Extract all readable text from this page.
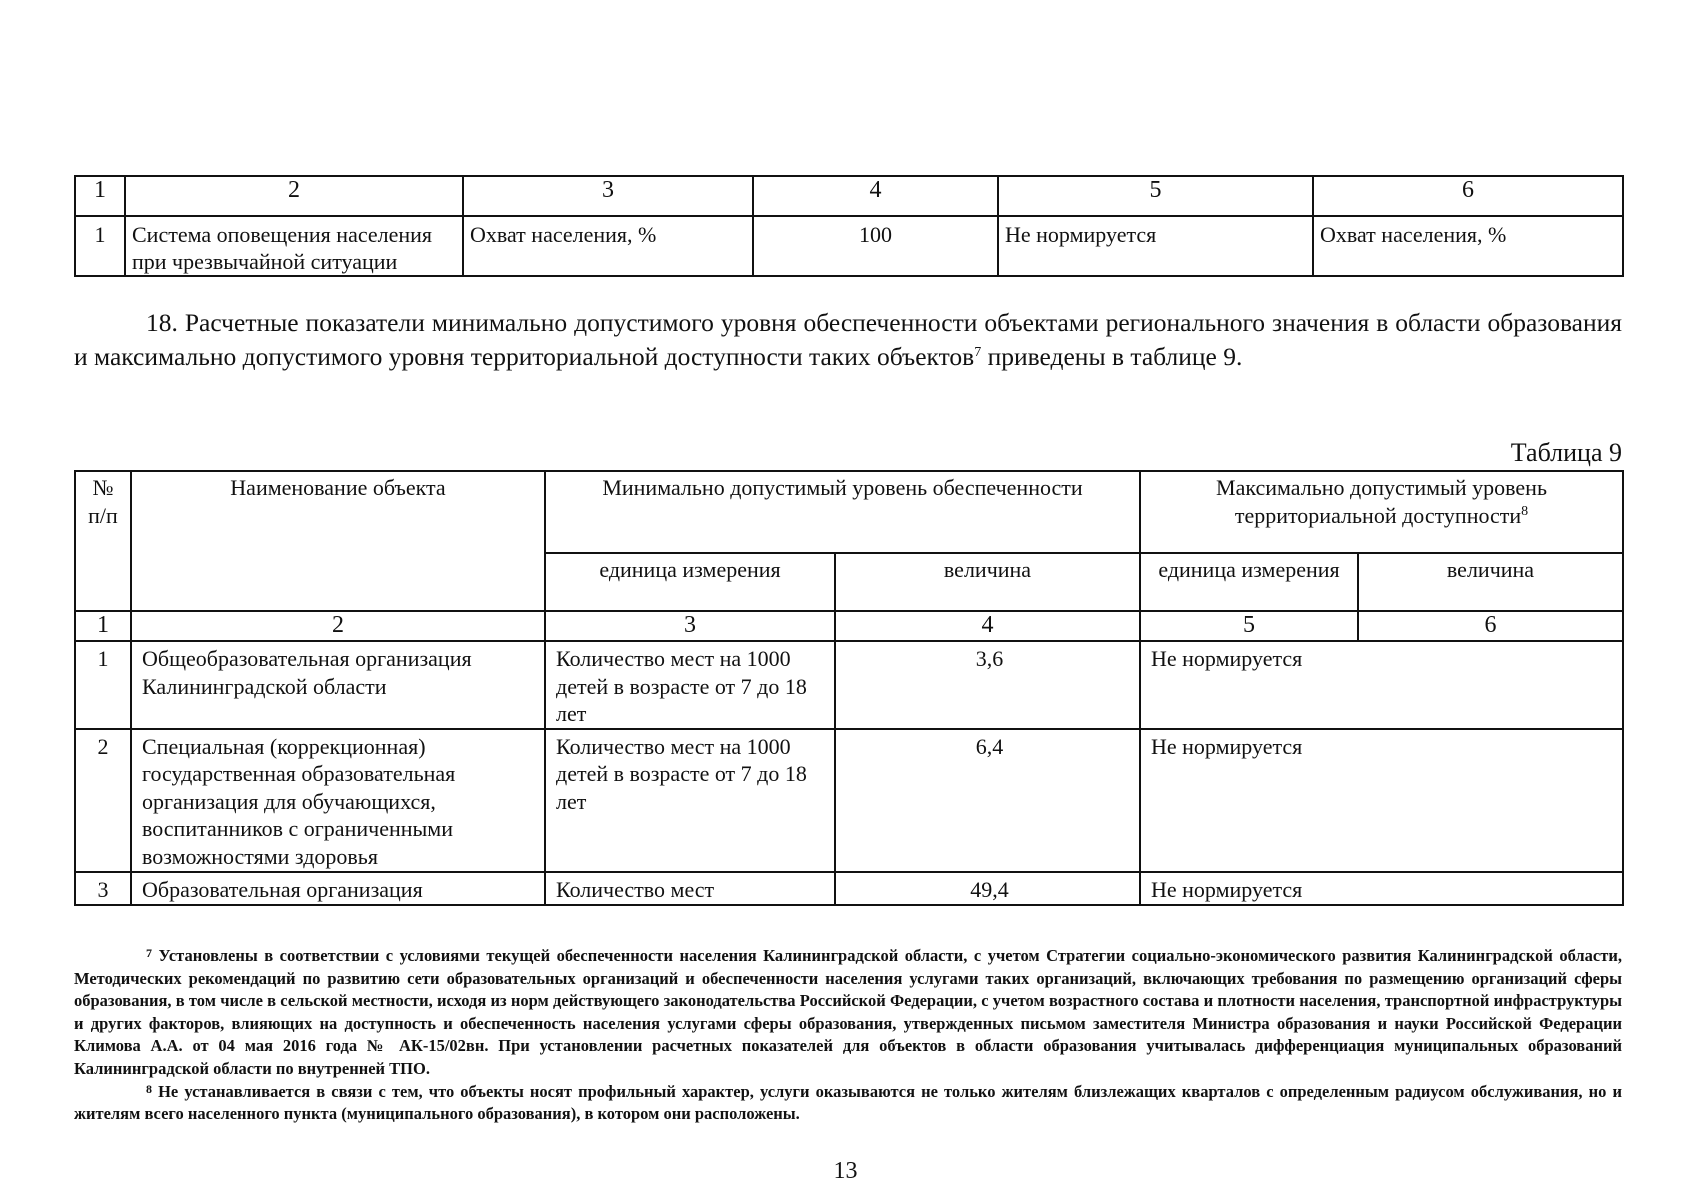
1	2	3	4	5	6
1	Система оповещения населения при чрезвычайной ситуации	Охват населения, %	100	Не нормируется	Охват населения, %
18. Расчетные показатели минимально допустимого уровня обеспеченности объектами регионального значения в области образования и максимально допустимого уровня территориальной доступности таких объектов$^7$ приведены в таблице 9.
Таблица 9
№ п/п	Наименование объекта	Минимально допустимый уровень обеспеченности		Максимально допустимый уровень территориальной доступности$^8$
		единица измерения	величина	единица измерения	величина
1	2	3	4	5	6
1	Общеобразовательная организация Калининградской области	Количество мест на 1000 детей в возрасте от 7 до 18 лет	3,6	Не нормируется	
2	Специальная (коррекционная) государственная образовательная организация для обучающихся, воспитанников с ограниченными возможностями здоровья	Количество мест на 1000 детей в возрасте от 7 до 18 лет	6,4	Не нормируется	
3	Образовательная организация	Количество мест	49,4	Не нормируется	

$^7$ Установлены в соответствии с условиями текущей обеспеченности населения Калининградской области, с учетом Стратегии социально-экономического развития Калининградской области, Методических рекомендаций по развитию сети образовательных организаций и обеспеченности населения услугами таких организаций, включающих требования по размещению организаций сферы образования, в том числе в сельской местности, исходя из норм действующего законодательства Российской Федерации, с учетом возрастного состава и плотности населения, транспортной инфраструктуры и других факторов, влияющих на доступность и обеспеченность населения услугами сферы образования, утвержденных письмом заместителя Министра образования и науки Российской Федерации Климова А.А. от 04 мая 2016 года № АК-15/02вн. При установлении расчетных показателей для объектов в области образования учитывалась дифференциация муниципальных образований Калининградской области по внутренней ТПО.

$^8$ Не устанавливается в связи с тем, что объекты носят профильный характер, услуги оказываются не только жителям близлежащих кварталов с определенным радиусом обслуживания, но и жителям всего населенного пункта (муниципального образования), в котором они расположены.

13
